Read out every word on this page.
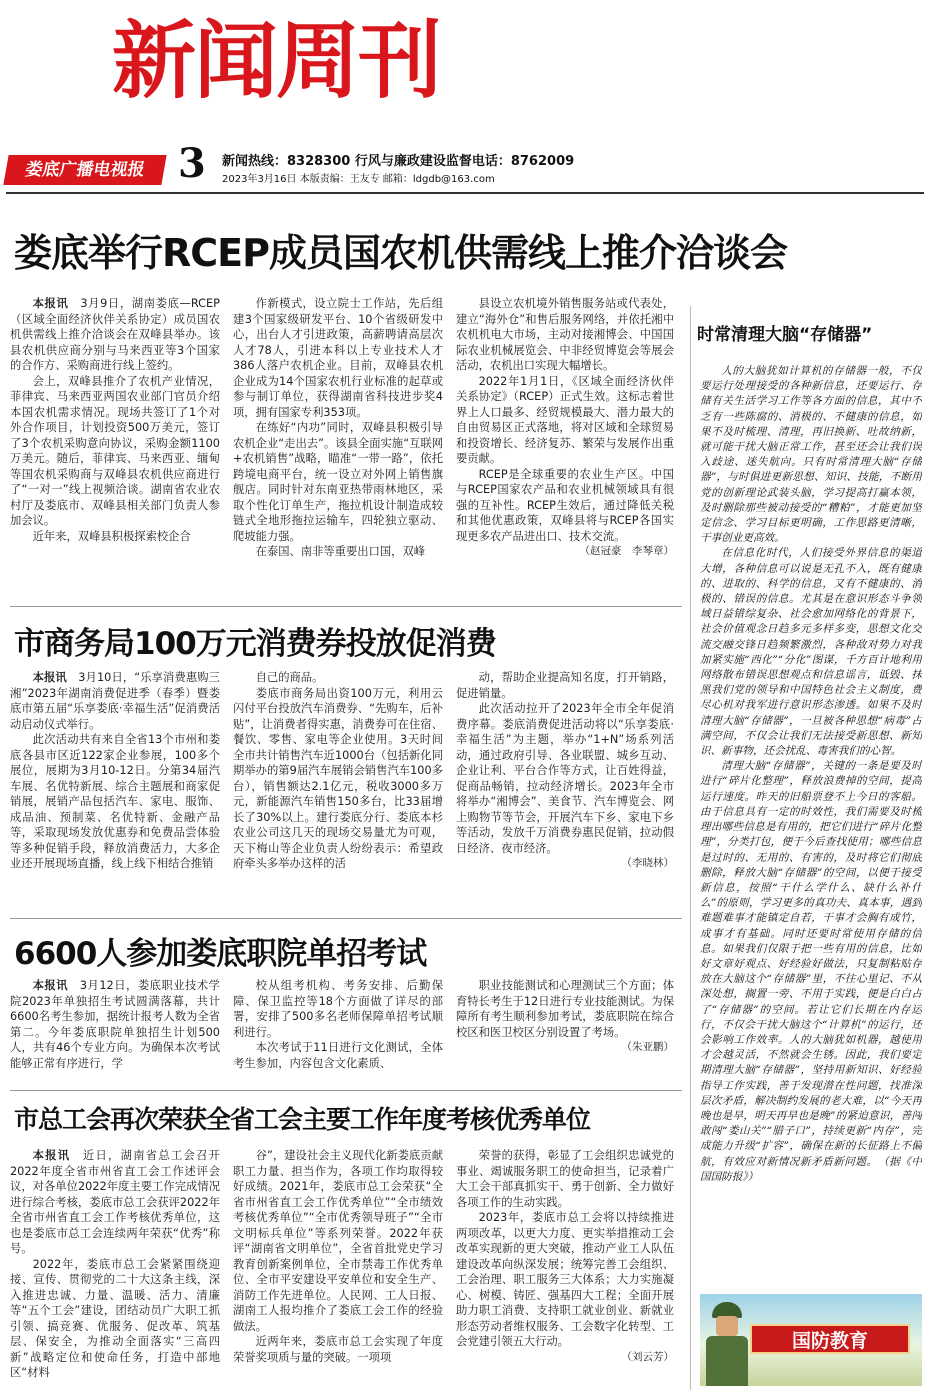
新闻周刊
娄底广播电视报 3 新闻热线：8328300 行风与廉政建设监督电话：8762009
2023年3月16日 本版责编：王友专 邮箱：ldgdb@163.com
娄底举行RCEP成员国农机供需线上推介洽谈会

本报讯　 3月9日，湖南娄底—RCEP（区域全面经济伙伴关系协定）成员国农机供需线上推介洽谈会在双峰县举办。该县农机供应商分别与马来西亚等3个国家的合作方、采购商进行线上签约。

会上，双峰县推介了农机产业情况，菲律宾、马来西亚两国农业部门官员介绍本国农机需求情况。现场共签订了1个对外合作项目，计划投资500万美元，签订了3个农机采购意向协议，采购金额1100万美元。随后，菲律宾、马来西亚、缅甸等国农机采购商与双峰县农机供应商进行了“一对一”线上视频洽谈。湖南省农业农村厅及娄底市、双峰县相关部门负责人参加会议。

近年来，双峰县积极探索校企合

作新模式，设立院士工作站，先后组建3个国家级研发平台、10个省级研发中心，出台人才引进政策，高薪聘请高层次人才78人，引进本科以上专业技术人才386人落户农机企业。目前，双峰县农机企业成为14个国家农机行业标准的起草或参与制订单位，获得湖南省科技进步奖4项，拥有国家专利353项。

在练好“内功”同时，双峰县积极引导农机企业“走出去”。该县全面实施“互联网+农机销售”战略，瞄准“一带一路”，依托跨境电商平台，统一设立对外网上销售旗舰店。同时针对东南亚热带雨林地区，采取个性化订单生产，拖拉机设计制造成较链式全地形拖拉运输车，四轮独立驱动、爬坡能力强。

在泰国、南非等重要出口国，双峰

县设立农机境外销售服务站或代表处，建立“海外仓”和售后服务网络，并依托湘中农机机电大市场，主动对接湘博会、中国国际农业机械展览会、中非经贸博览会等展会活动，农机出口实现大幅增长。

2022年1月1日，《区域全面经济伙伴关系协定》（RCEP）正式生效。这标志着世界上人口最多、经贸规模最大、潜力最大的自由贸易区正式落地，将对区域和全球贸易和投资增长、经济复苏、繁荣与发展作出重要贡献。

RCEP是全球重要的农业生产区。中国与RCEP国家农产品和农业机械领域具有很强的互补性。RCEP生效后，通过降低关税和其他优惠政策，双峰县将与RCEP各国实现更多农产品进出口、技术交流。

（赵冠豪　李琴章）

市商务局100万元消费券投放促消费

本报讯　 3月10日，“乐享消费惠购三湘”2023年湖南消费促进季（春季）暨娄底市第五届“乐享娄底·幸福生活”促消费活动启动仪式举行。

此次活动共有来自全省13个市州和娄底各县市区近122家企业参展，100多个展位，展期为3月10-12日。分第34届汽车展、名优特新展、综合主题展和商家促销展，展销产品包括汽车、家电、服饰、成品油、预制菜、名优特新、金融产品等，采取现场发放优惠券和免费品尝体验等多种促销手段，释放消费活力，大多企业还开展现场直播，线上线下相结合推销

自己的商品。

娄底市商务局出资100万元，利用云闪付平台投放汽车消费券、“先购车，后补贴”，让消费者得实惠，消费券可在住宿、餐饮、零售、家电等企业使用。3天时间全市共计销售汽车近1000台（包括新化同期举办的第9届汽车展销会销售汽车100多台），销售额达2.1亿元，税收3000多万元，新能源汽车销售150多台，比33届增长了30%以上。建行娄底分行、娄底本杉农业公司这几天的现场交易量尤为可观，天下梅山等企业负责人纷纷表示：希望政府牵头多举办这样的活

动，帮助企业提高知名度，打开销路，促进销量。

此次活动拉开了2023年全市全年促消费序幕。娄底消费促进活动将以“乐享娄底·幸福生活”为主题，举办“1+N”场系列活动，通过政府引导、各业联盟、城乡互动、企业让利、平台合作等方式，让百姓得益，促商品畅销，拉动经济增长。2023年全市将举办“湘博会”、美食节、汽车博览会、网上购物节等节会，开展汽车下乡、家电下乡等活动，发放千万消费券惠民促销，拉动假日经济、夜市经济。

（李晓林）

6600人参加娄底职院单招考试

本报讯　 3月12日，娄底职业技术学院2023年单独招生考试圆满落幕，共计6600名考生参加，据统计报考人数为全省第二。今年娄底职院单独招生计划500人，共有46个专业方向。为确保本次考试能够正常有序进行，学

校从组考机构、考务安排、后勤保障、保卫监控等18个方面做了详尽的部署，安排了500多名老师保障单招考试顺利进行。

本次考试于11日进行文化测试，全体考生参加，内容包含文化素质、

职业技能测试和心理测试三个方面；体育特长考生于12日进行专业技能测试。为保障所有考生顺利参加考试，娄底职院在综合校区和医卫校区分别设置了考场。

（朱亚鹏）

市总工会再次荣获全省工会主要工作年度考核优秀单位

本报讯　 近日，湖南省总工会召开2022年度全省市州省直工会工作述评会议，对各单位2022年度主要工作完成情况进行综合考核，娄底市总工会获评2022年全省市州省直工会工作考核优秀单位，这也是娄底市总工会连续两年荣获“优秀”称号。

2022年，娄底市总工会紧紧围绕迎接、宣传、贯彻党的二十大这条主线，深入推进忠诚、力量、温暖、活力、清廉等“五个工会”建设，团结动员广大职工抓引领、搞竞赛、优服务、促改革、筑基层、保安全，为推动全面落实“三高四新”战略定位和使命任务，打造中部地区“材料

谷”，建设社会主义现代化新娄底贡献职工力量、担当作为，各项工作均取得较好成绩。2021年，娄底市总工会荣获“全省市州省直工会工作优秀单位”“全市绩效考核优秀单位”“全市优秀领导班子”“全市文明标兵单位”等系列荣誉。2022年获评“湖南省文明单位”，全省首批党史学习教育创新案例单位，全市禁毒工作优秀单位、全市平安建设平安单位和安全生产、消防工作先进单位。人民网、工人日报、湖南工人报均推介了娄底工会工作的经验做法。

近两年来，娄底市总工会实现了年度荣誉奖项质与量的突破。一项项

荣誉的获得，彰显了工会组织忠诚党的事业、竭诚服务职工的使命担当，记录着广大工会干部真抓实干、勇于创新、全力做好各项工作的生动实践。

2023年，娄底市总工会将以持续推进两项改革，以更大力度、更实举措推动工会改革实现新的更大突破，推动产业工人队伍建设改革向纵深发展；统筹完善工会组织、工会治理、职工服务三大体系；大力实施凝心、树模、铸匠、强基四大工程；全面开展助力职工消费、支持职工就业创业、新就业形态劳动者维权服务、工会数字化转型、工会党建引领五大行动。

（刘云芳）

时常清理大脑“存储器”

人的大脑犹如计算机的存储器一般，不仅要运行处理接受的各种新信息，还要运行、存储有关生活学习工作等各方面的信息，其中不乏有一些陈腐的、消极的、不健康的信息，如果不及时梳理、清理，再旧换新、吐故纳新，就可能干扰大脑正常工作，甚至还会让我们误入歧途、迷失航向。只有时常清理大脑“存储器”，与时俱进更新思想、知识、技能，不断用党的创新理论武装头脑，学习提高打赢本领，及时删除那些被动接受的“糟粕”，才能更加坚定信念、学习目标更明确，工作思路更清晰，干事创业更高效。

在信息化时代，人们接受外界信息的渠道大增，各种信息可以说是无孔不入，既有健康的、进取的、科学的信息，又有不健康的、消极的、错误的信息。尤其是在意识形态斗争领域日益错综复杂、社会愈加网络化的背景下，社会价值观念日趋多元多样多变，思想文化交流交融交锋日趋频繁激烈，各种敌对势力对我加紧实施“西化”“分化”图谋，千方百计地利用网络散布错误思想观点和信息谣言，诋毁、抹黑我们党的领导和中国特色社会主义制度，费尽心机对我军进行意识形态渗透。如果不及时清理大脑“存储器”，一旦被各种思想“病毒”占满空间，不仅会让我们无法接受新思想、新知识、新事物，还会扰乱、毒害我们的心智。

清理大脑“存储器”，关键的一条是要及时进行“碎片化整理”，释放浪费掉的空间，提高运行速度。昨天的旧船票登不上今日的客船。由于信息具有一定的时效性，我们需要及时梳理出哪些信息是有用的，把它们进行“碎片化整理”，分类打包，便于今后查找使用；哪些信息是过时的、无用的、有害的，及时将它们彻底删除，释放大脑“存储器”的空间，以便于接受新信息，按照“干什么学什么、缺什么补什么”的原则，学习更多的真功夫、真本事，遇到难题难事才能镇定自若，干事才会胸有成竹，成事才有基础。同时还要时常使用存储的信息。如果我们仅限于把一些有用的信息，比如好文章好观点、好经验好做法，只复制粘贴存放在大脑这个“存储器”里，不往心里记、不从深处想，搁置一旁、不用于实践，便是白白占了“存储器”的空间。若让它们长期在内存运行，不仅会干扰大脑这个“计算机”的运行，还会影响工作效率。人的大脑犹如机器，越使用才会越灵活，不然就会生锈。因此，我们要定期清理大脑“存储器”，坚持用新知识、好经验指导工作实践，善于发现潜在性问题，找准深层次矛盾，解决制约发展的老大难，以“今天再晚也是早，明天再早也是晚”的紧迫意识，善闯敢闯“娄山关”“腊子口”，持续更新“内存”，完成能力升级“扩容”，确保在新的长征路上不偏航，有效应对新情况新矛盾新问题。　（据《中国国防报》）

国防教育
